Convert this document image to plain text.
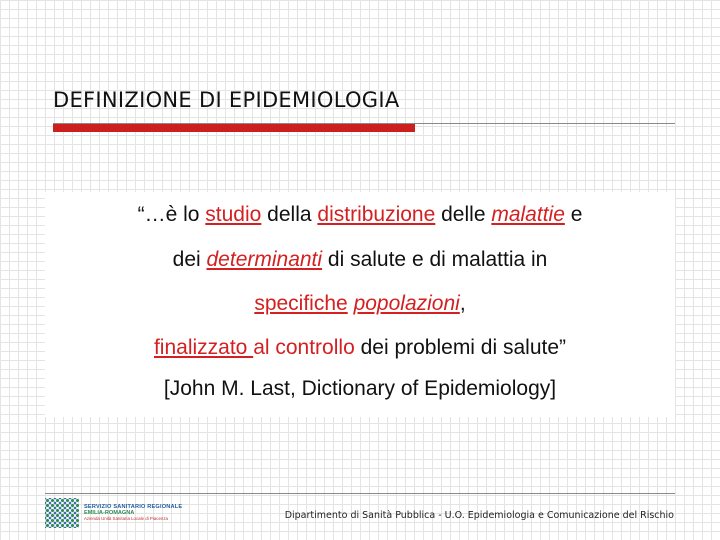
DEFINIZIONE DI EPIDEMIOLOGIA
“…è lo studio della distribuzione delle malattie e
dei determinanti di salute e di malattia in
specifiche popolazioni,
finalizzato al controllo dei problemi di salute”
[John M. Last, Dictionary of Epidemiology]
SERVIZIO SANITARIO REGIONALE
EMILIA-ROMAGNA
Azienda Unità Sanitaria Locale di Piacenza	Dipartimento di Sanità Pubblica - U.O. Epidemiologia e Comunicazione del Rischio
